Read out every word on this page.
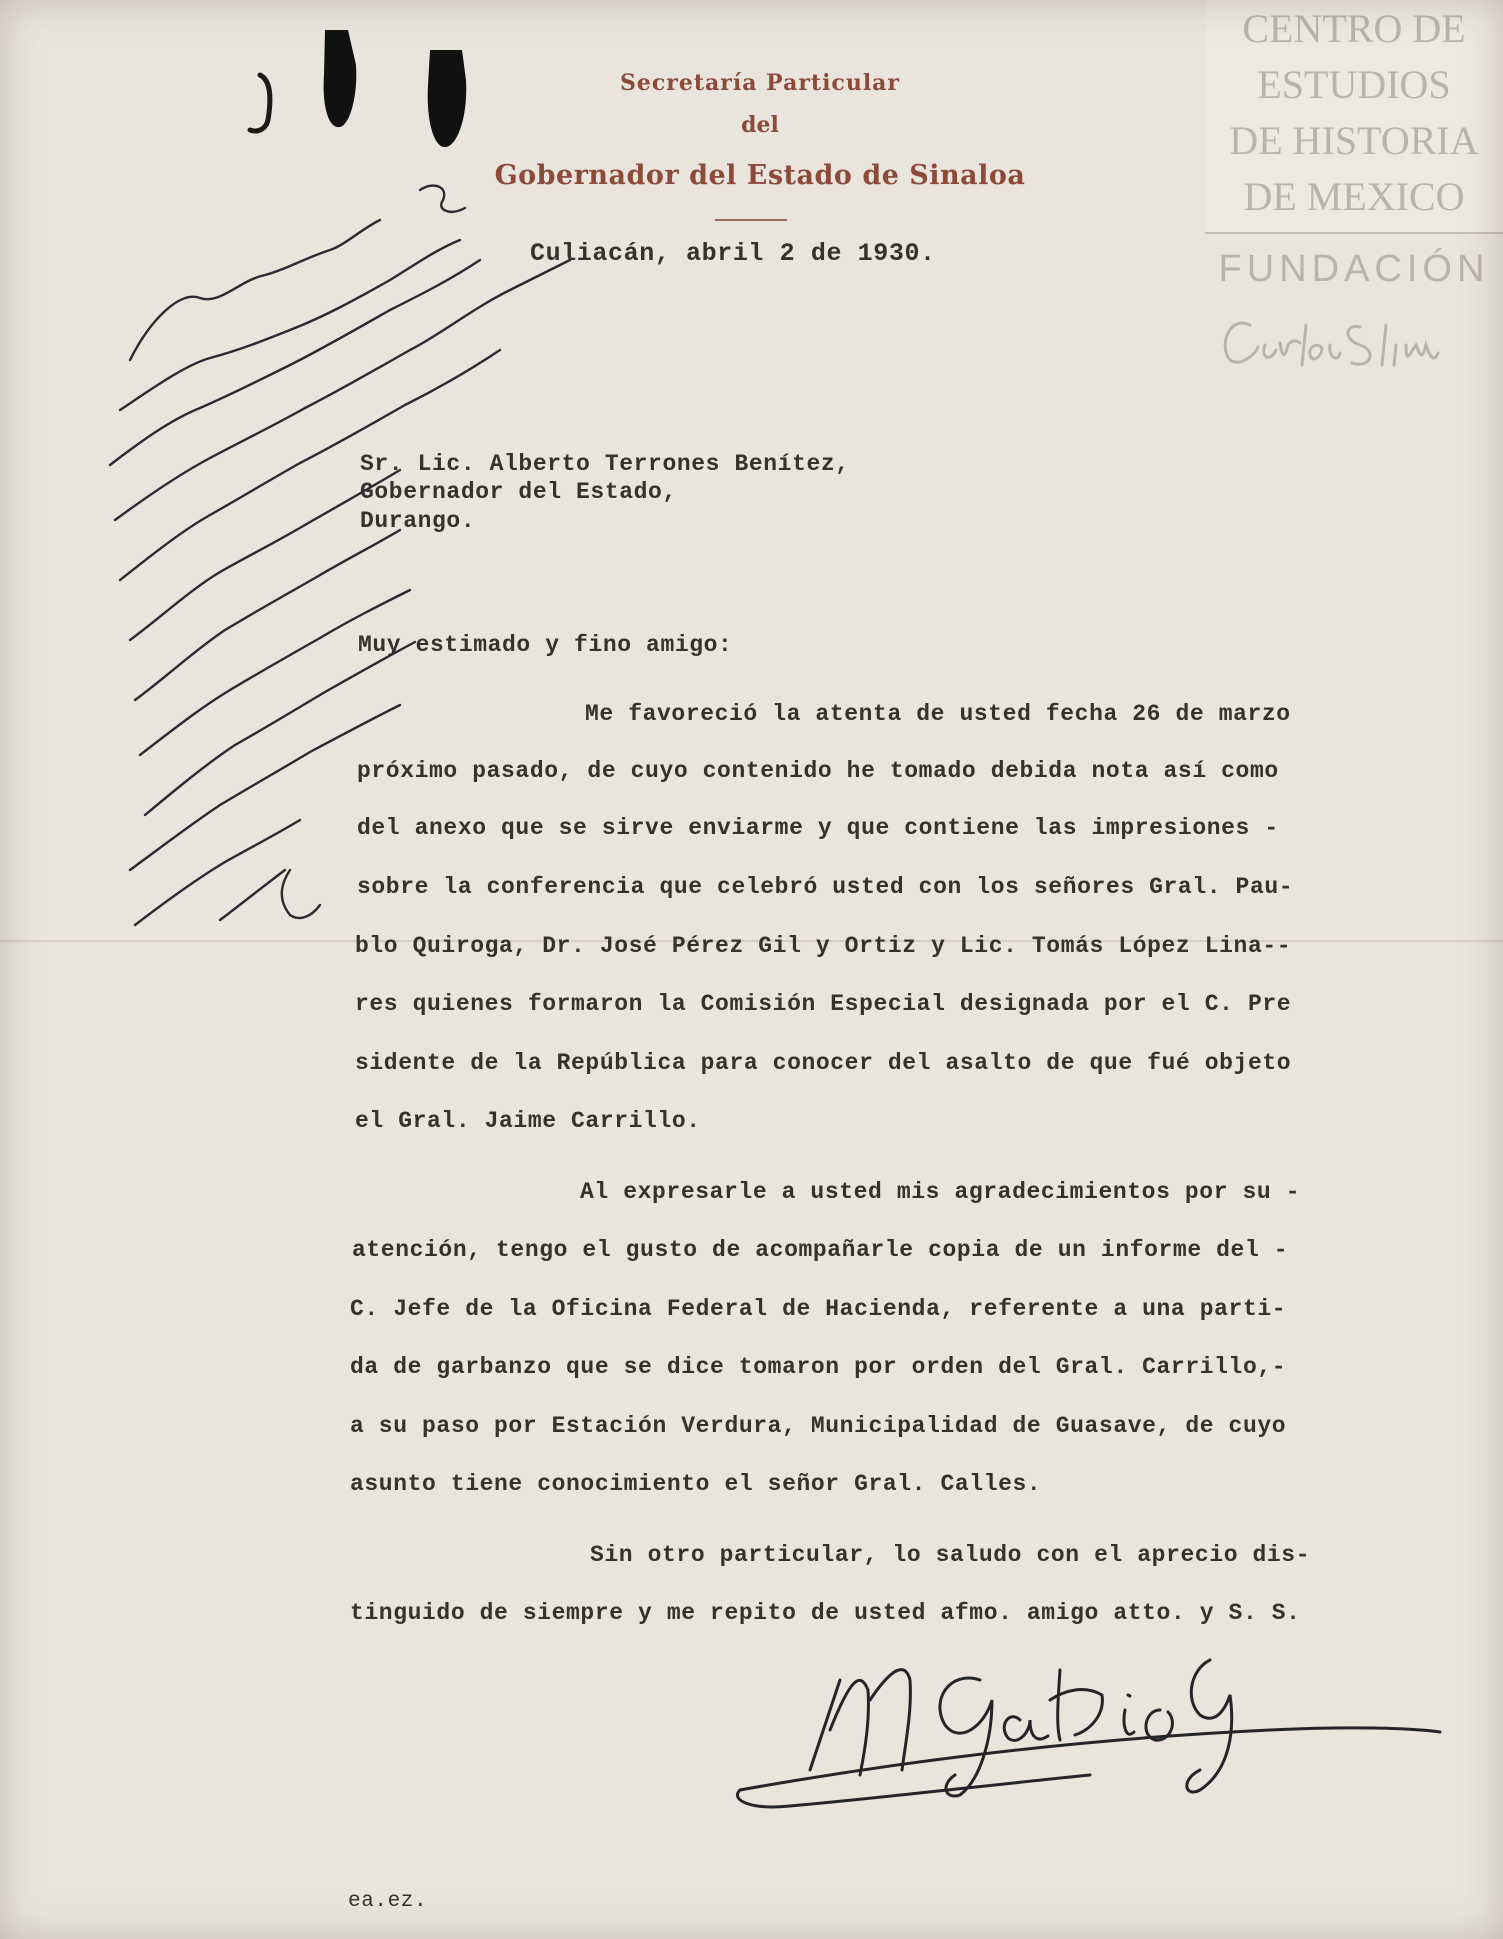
CENTRO DE
ESTUDIOS
DE HISTORIA
DE MEXICO
FUNDACIÓN
Secretaría Particular
del
Gobernador del Estado de Sinaloa
Culiacán, abril 2 de 1930.
Sr. Lic. Alberto Terrones Benítez,
Gobernador del Estado,
Durango.
Muy estimado y fino amigo:
Me favoreció la atenta de usted fecha 26 de marzo
próximo pasado, de cuyo contenido he tomado debida nota así como
del anexo que se sirve enviarme y que contiene las impresiones -
sobre la conferencia que celebró usted con los señores Gral. Pau-
blo Quiroga, Dr. José Pérez Gil y Ortiz y Lic. Tomás López Lina--
res quienes formaron la Comisión Especial designada por el C. Pre
sidente de la República para conocer del asalto de que fué objeto
el Gral. Jaime Carrillo.
Al expresarle a usted mis agradecimientos por su -
atención, tengo el gusto de acompañarle copia de un informe del -
C. Jefe de la Oficina Federal de Hacienda, referente a una parti-
da de garbanzo que se dice tomaron por orden del Gral. Carrillo,-
a su paso por Estación Verdura, Municipalidad de Guasave, de cuyo
asunto tiene conocimiento el señor Gral. Calles.
Sin otro particular, lo saludo con el aprecio dis-
tinguido de siempre y me repito de usted afmo. amigo atto. y S. S.
ea.ez.
